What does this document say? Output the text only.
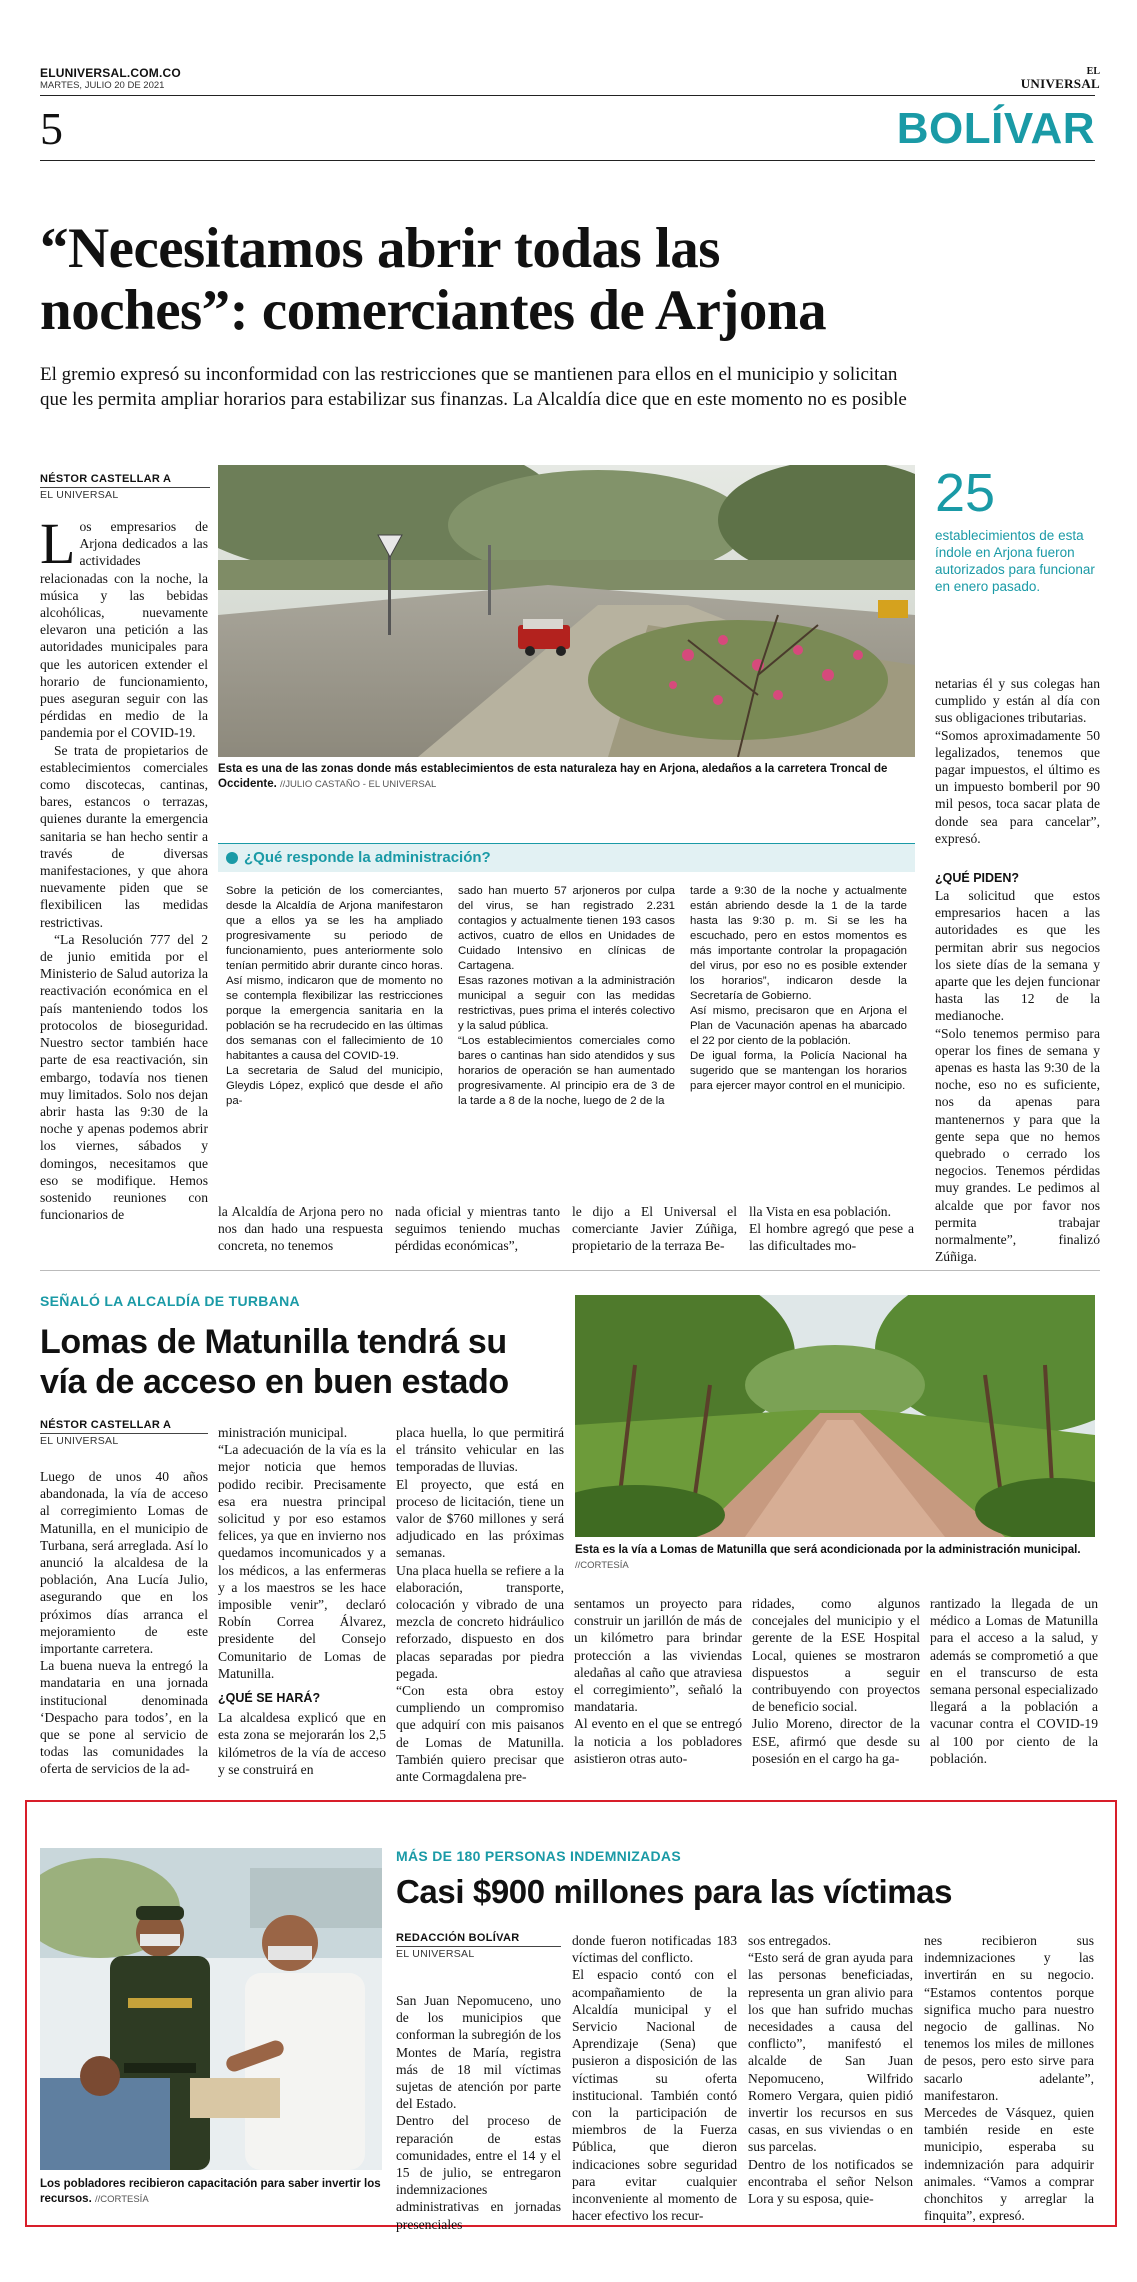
ELUNIVERSAL.COM.CO
MARTES, JULIO 20 DE 2021
EL
UNIVERSAL
5	BOLÍVAR
“Necesitamos abrir todas las
noches”: comerciantes de Arjona
El gremio expresó su inconformidad con las restricciones que se mantienen para ellos en el municipio y solicitan
que les permita ampliar horarios para estabilizar sus finanzas. La Alcaldía dice que en este momento no es posible
NÉSTOR CASTELLAR A
EL UNIVERSAL
L os empresarios de Arjona dedicados a las actividades relacionadas con la noche, la música y las bebidas alcohólicas, nuevamente elevaron una petición a las autoridades municipales para que les autoricen extender el horario de funcionamiento, pues aseguran seguir con las pérdidas en medio de la pandemia por el COVID-19.

Se trata de propietarios de establecimientos comerciales como discotecas, cantinas, bares, estancos o terrazas, quienes durante la emergencia sanitaria se han hecho sentir a través de diversas manifestaciones, y que ahora nuevamente piden que se flexibilicen las medidas restrictivas.

“La Resolución 777 del 2 de junio emitida por el Ministerio de Salud autoriza la reactivación económica en el país manteniendo todos los protocolos de bioseguridad. Nuestro sector también hace parte de esa reactivación, sin embargo, todavía nos tienen muy limitados. Solo nos dejan abrir hasta las 9:30 de la noche y apenas podemos abrir los viernes, sábados y domingos, necesitamos que eso se modifique. Hemos sostenido reuniones con funcionarios de

Esta es una de las zonas donde más establecimientos de esta naturaleza hay en Arjona, aledaños a la carretera Troncal de Occidente. //JULIO CASTAÑO - EL UNIVERSAL
25
establecimientos de esta índole en Arjona fueron autorizados para funcionar en enero pasado.
netarias él y sus colegas han cumplido y están al día con sus obligaciones tributarias.
“Somos aproximadamente 50 legalizados, tenemos que pagar impuestos, el último es un impuesto bomberil por 90 mil pesos, toca sacar plata de donde sea para cancelar”, expresó.
¿QUÉ PIDEN?
La solicitud que estos empresarios hacen a las autoridades es que les permitan abrir sus negocios los siete días de la semana y aparte que les dejen funcionar hasta las 12 de la medianoche.
“Solo tenemos permiso para operar los fines de semana y apenas es hasta las 9:30 de la noche, eso no es suficiente, nos da apenas para mantenernos y para que la gente sepa que no hemos quebrado o cerrado los negocios. Tenemos pérdidas muy grandes. Le pedimos al alcalde que por favor nos permita trabajar normalmente”, finalizó Zúñiga.
¿Qué responde la administración?
Sobre la petición de los comerciantes, desde la Alcaldía de Arjona manifestaron que a ellos ya se les ha ampliado progresivamente su periodo de funcionamiento, pues anteriormente solo tenían permitido abrir durante cinco horas. Así mismo, indicaron que de momento no se contempla flexibilizar las restricciones porque la emergencia sanitaria en la población se ha recrudecido en las últimas dos semanas con el fallecimiento de 10 habitantes a causa del COVID-19.
La secretaria de Salud del municipio, Gleydis López, explicó que desde el año pa-
sado han muerto 57 arjoneros por culpa del virus, se han registrado 2.231 contagios y actualmente tienen 193 casos activos, cuatro de ellos en Unidades de Cuidado Intensivo en clínicas de Cartagena.
Esas razones motivan a la administración municipal a seguir con las medidas restrictivas, pues prima el interés colectivo y la salud pública.
“Los establecimientos comerciales como bares o cantinas han sido atendidos y sus horarios de operación se han aumentado progresivamente. Al principio era de 3 de la tarde a 8 de la noche, luego de 2 de la
tarde a 9:30 de la noche y actualmente están abriendo desde la 1 de la tarde hasta las 9:30 p. m. Si se les ha escuchado, pero en estos momentos es más importante controlar la propagación del virus, por eso no es posible extender los horarios”, indicaron desde la Secretaría de Gobierno.
Así mismo, precisaron que en Arjona el Plan de Vacunación apenas ha abarcado el 22 por ciento de la población.
De igual forma, la Policía Nacional ha sugerido que se mantengan los horarios para ejercer mayor control en el municipio.
la Alcaldía de Arjona pero no nos dan hado una respuesta concreta, no tenemos
nada oficial y mientras tanto seguimos teniendo muchas pérdidas económicas”,
le dijo a El Universal el comerciante Javier Zúñiga, propietario de la terraza Be-
lla Vista en esa población.
El hombre agregó que pese a las dificultades mo-
SEÑALÓ LA ALCALDÍA DE TURBANA
Lomas de Matunilla tendrá su
vía de acceso en buen estado
NÉSTOR CASTELLAR A
EL UNIVERSAL
Esta es la vía a Lomas de Matunilla que será acondicionada por la administración municipal.
//CORTESÍA
Luego de unos 40 años abandonada, la vía de acceso al corregimiento Lomas de Matunilla, en el municipio de Turbana, será arreglada. Así lo anunció la alcaldesa de la población, Ana Lucía Julio, asegurando que en los próximos días arranca el mejoramiento de este importante carretera.
La buena nueva la entregó la mandataria en una jornada institucional denominada ‘Despacho para todos’, en la que se pone al servicio de todas las comunidades la oferta de servicios de la ad-
ministración municipal.
“La adecuación de la vía es la mejor noticia que hemos podido recibir. Precisamente esa era nuestra principal solicitud y por eso estamos felices, ya que en invierno nos quedamos incomunicados y a los médicos, a las enfermeras y a los maestros se les hace imposible venir”, declaró Robín Correa Álvarez, presidente del Consejo Comunitario de Lomas de Matunilla.
¿QUÉ SE HARÁ?
La alcaldesa explicó que en esta zona se mejorarán los 2,5 kilómetros de la vía de acceso y se construirá en
placa huella, lo que permitirá el tránsito vehicular en las temporadas de lluvias.
El proyecto, que está en proceso de licitación, tiene un valor de $760 millones y será adjudicado en las próximas semanas.
Una placa huella se refiere a la elaboración, transporte, colocación y vibrado de una mezcla de concreto hidráulico reforzado, dispuesto en dos placas separadas por piedra pegada.
“Con esta obra estoy cumpliendo un compromiso que adquirí con mis paisanos de Lomas de Matunilla. También quiero precisar que ante Cormagdalena pre-
sentamos un proyecto para construir un jarillón de más de un kilómetro para brindar protección a las viviendas aledañas al caño que atraviesa el corregimiento”, señaló la mandataria.
Al evento en el que se entregó la noticia a los pobladores asistieron otras auto-
ridades, como algunos concejales del municipio y el gerente de la ESE Hospital Local, quienes se mostraron dispuestos a seguir contribuyendo con proyectos de beneficio social.
Julio Moreno, director de la ESE, afirmó que desde su posesión en el cargo ha ga-
rantizado la llegada de un médico a Lomas de Matunilla para el acceso a la salud, y además se comprometió a que en el transcurso de esta semana personal especializado llegará a la población a vacunar contra el COVID-19 al 100 por ciento de la población.
Los pobladores recibieron capacitación para saber invertir los recursos. //CORTESÍA
MÁS DE 180 PERSONAS INDEMNIZADAS
Casi $900 millones para las víctimas
REDACCIÓN BOLÍVAR
EL UNIVERSAL
San Juan Nepomuceno, uno de los municipios que conforman la subregión de los Montes de María, registra más de 18 mil víctimas sujetas de atención por parte del Estado.
Dentro del proceso de reparación de estas comunidades, entre el 14 y el 15 de julio, se entregaron indemnizaciones administrativas en jornadas presenciales
donde fueron notificadas 183 víctimas del conflicto.
El espacio contó con el acompañamiento de la Alcaldía municipal y el Servicio Nacional de Aprendizaje (Sena) que pusieron a disposición de las víctimas su oferta institucional. También contó con la participación de miembros de la Fuerza Pública, que dieron indicaciones sobre seguridad para evitar cualquier inconveniente al momento de hacer efectivo los recur-
sos entregados.
“Esto será de gran ayuda para las personas beneficiadas, representa un gran alivio para los que han sufrido muchas necesidades a causa del conflicto”, manifestó el alcalde de San Juan Nepomuceno, Wilfrido Romero Vergara, quien pidió invertir los recursos en sus casas, en sus viviendas o en sus parcelas.
Dentro de los notificados se encontraba el señor Nelson Lora y su esposa, quie-
nes recibieron sus indemnizaciones y las invertirán en su negocio. “Estamos contentos porque significa mucho para nuestro negocio de gallinas. No tenemos los miles de millones de pesos, pero esto sirve para sacarlo adelante”, manifestaron.
Mercedes de Vásquez, quien también reside en este municipio, esperaba su indemnización para adquirir animales. “Vamos a comprar chonchitos y arreglar la finquita”, expresó.
